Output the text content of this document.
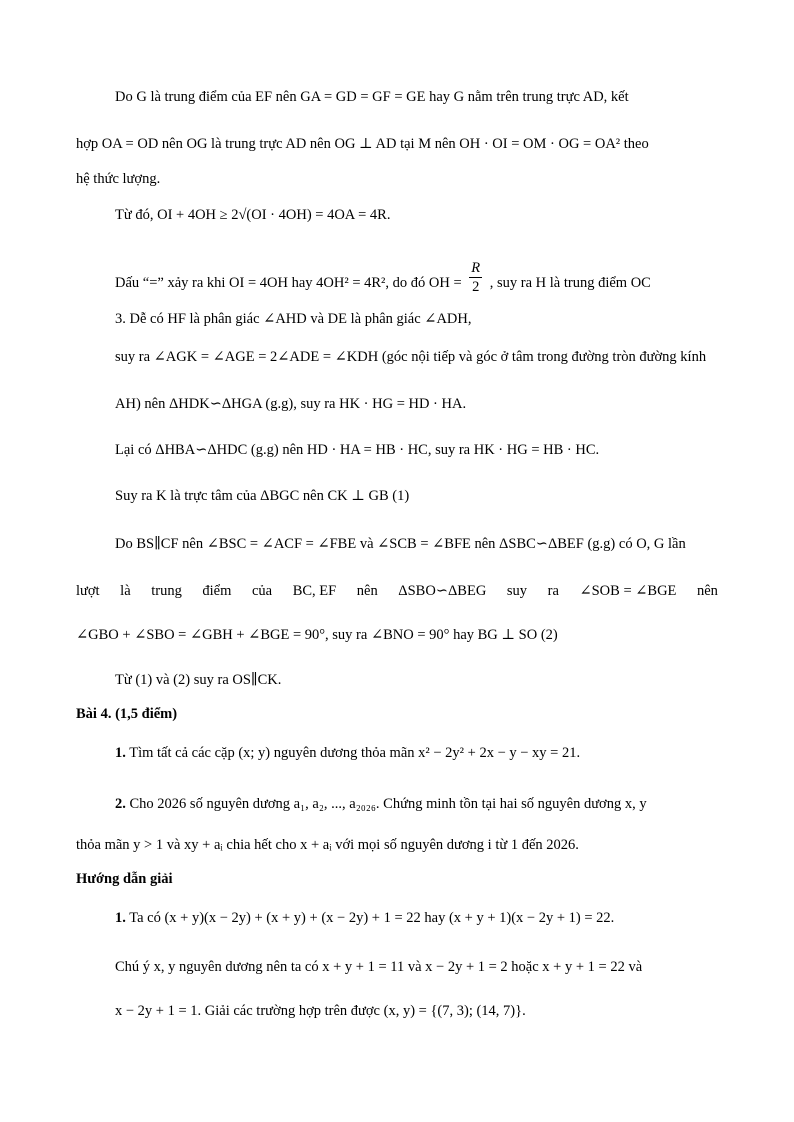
Do G là trung điểm của EF nên GA = GD = GF = GE hay G nằm trên trung trực AD, kết
hợp OA = OD nên OG là trung trực AD nên OG ⊥ AD tại M nên OH · OI = OM · OG = OA² theo
hệ thức lượng.
Từ đó, OI + 4OH ≥ 2√(OI · 4OH) = 4OA = 4R.
Dấu “=” xảy ra khi OI = 4OH hay 4OH² = 4R², do đó OH = $\frac{R}{2}$ , suy ra H là trung điểm OC
3. Dễ có HF là phân giác ∠AHD và DE là phân giác ∠ADH,
suy ra ∠AGK = ∠AGE = 2∠ADE = ∠KDH (góc nội tiếp và góc ở tâm trong đường tròn đường kính
AH) nên ΔHDK∽ΔHGA (g.g), suy ra HK · HG = HD · HA.
Lại có ΔHBA∽ΔHDC (g.g) nên HD · HA = HB · HC, suy ra HK · HG = HB · HC.
Suy ra K là trực tâm của ΔBGC nên CK ⊥ GB (1)
Do BS∥CF nên ∠BSC = ∠ACF = ∠FBE và ∠SCB = ∠BFE nên ΔSBC∽ΔBEF (g.g) có O, G lần
lượt là trung điểm của BC, EF nên ΔSBO∽ΔBEG suy ra ∠SOB = ∠BGE nên
∠GBO + ∠SBO = ∠GBH + ∠BGE = 90°, suy ra ∠BNO = 90° hay BG ⊥ SO (2)
Từ (1) và (2) suy ra OS∥CK.
Bài 4. (1,5 điểm)
1. Tìm tất cả các cặp (x; y) nguyên dương thỏa mãn x² − 2y² + 2x − y − xy = 21.
2. Cho 2026 số nguyên dương a₁, a₂, ..., a₂₀₂₆. Chứng minh tồn tại hai số nguyên dương x, y
thỏa mãn y > 1 và xy + aᵢ chia hết cho x + aᵢ với mọi số nguyên dương i từ 1 đến 2026.
Hướng dẫn giải
1. Ta có (x + y)(x − 2y) + (x + y) + (x − 2y) + 1 = 22 hay (x + y + 1)(x − 2y + 1) = 22.
Chú ý x, y nguyên dương nên ta có x + y + 1 = 11 và x − 2y + 1 = 2 hoặc x + y + 1 = 22 và
x − 2y + 1 = 1. Giải các trường hợp trên được (x, y) = {(7, 3); (14, 7)}.
